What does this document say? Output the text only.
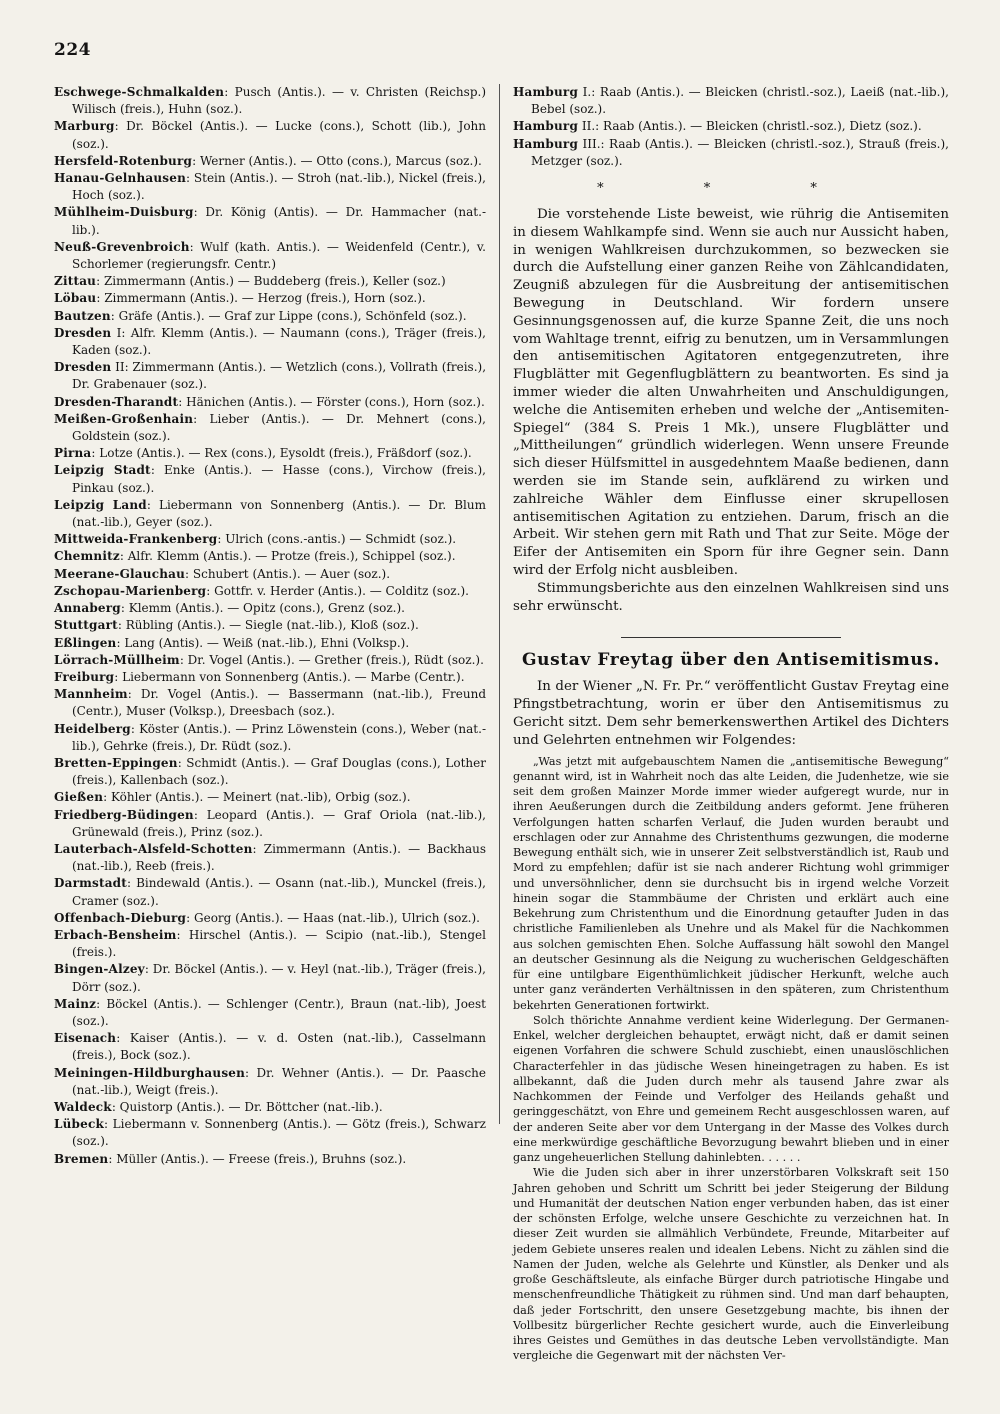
224

Eschwege-Schmalkalden: Pusch (Antis.). — v. Christen (Reichsp.) Wilisch (freis.), Huhn (soz.).

Marburg: Dr. Böckel (Antis.). — Lucke (cons.), Schott (lib.), John (soz.).

Hersfeld-Rotenburg: Werner (Antis.). — Otto (cons.), Marcus (soz.).

Hanau-Gelnhausen: Stein (Antis.). — Stroh (nat.-lib.), Nickel (freis.), Hoch (soz.).

Mühlheim-Duisburg: Dr. König (Antis). — Dr. Hammacher (nat.-lib.).

Neuß-Grevenbroich: Wulf (kath. Antis.). — Weidenfeld (Centr.), v. Schorlemer (regierungsfr. Centr.)

Zittau: Zimmermann (Antis.) — Buddeberg (freis.), Keller (soz.)

Löbau: Zimmermann (Antis.). — Herzog (freis.), Horn (soz.).

Bautzen: Gräfe (Antis.). — Graf zur Lippe (cons.), Schönfeld (soz.).

Dresden I: Alfr. Klemm (Antis.). — Naumann (cons.), Träger (freis.), Kaden (soz.).

Dresden II: Zimmermann (Antis.). — Wetzlich (cons.), Vollrath (freis.), Dr. Grabenauer (soz.).

Dresden-Tharandt: Hänichen (Antis.). — Förster (cons.), Horn (soz.).

Meißen-Großenhain: Lieber (Antis.). — Dr. Mehnert (cons.), Goldstein (soz.).

Pirna: Lotze (Antis.). — Rex (cons.), Eysoldt (freis.), Fräßdorf (soz.).

Leipzig Stadt: Enke (Antis.). — Hasse (cons.), Virchow (freis.), Pinkau (soz.).

Leipzig Land: Liebermann von Sonnenberg (Antis.). — Dr. Blum (nat.-lib.), Geyer (soz.).

Mittweida-Frankenberg: Ulrich (cons.-antis.) — Schmidt (soz.).

Chemnitz: Alfr. Klemm (Antis.). — Protze (freis.), Schippel (soz.).

Meerane-Glauchau: Schubert (Antis.). — Auer (soz.).

Zschopau-Marienberg: Gottfr. v. Herder (Antis.). — Colditz (soz.).

Annaberg: Klemm (Antis.). — Opitz (cons.), Grenz (soz.).

Stuttgart: Rübling (Antis.). — Siegle (nat.-lib.), Kloß (soz.).

Eßlingen: Lang (Antis). — Weiß (nat.-lib.), Ehni (Volksp.).

Lörrach-Müllheim: Dr. Vogel (Antis.). — Grether (freis.), Rüdt (soz.).

Freiburg: Liebermann von Sonnenberg (Antis.). — Marbe (Centr.).

Mannheim: Dr. Vogel (Antis.). — Bassermann (nat.-lib.), Freund (Centr.), Muser (Volksp.), Dreesbach (soz.).

Heidelberg: Köster (Antis.). — Prinz Löwenstein (cons.), Weber (nat.-lib.), Gehrke (freis.), Dr. Rüdt (soz.).

Bretten-Eppingen: Schmidt (Antis.). — Graf Douglas (cons.), Lother (freis.), Kallenbach (soz.).

Gießen: Köhler (Antis.). — Meinert (nat.-lib), Orbig (soz.).

Friedberg-Büdingen: Leopard (Antis.). — Graf Oriola (nat.-lib.), Grünewald (freis.), Prinz (soz.).

Lauterbach-Alsfeld-Schotten: Zimmermann (Antis.). — Backhaus (nat.-lib.), Reeb (freis.).

Darmstadt: Bindewald (Antis.). — Osann (nat.-lib.), Munckel (freis.), Cramer (soz.).

Offenbach-Dieburg: Georg (Antis.). — Haas (nat.-lib.), Ulrich (soz.).

Erbach-Bensheim: Hirschel (Antis.). — Scipio (nat.-lib.), Stengel (freis.).

Bingen-Alzey: Dr. Böckel (Antis.). — v. Heyl (nat.-lib.), Träger (freis.), Dörr (soz.).

Mainz: Böckel (Antis.). — Schlenger (Centr.), Braun (nat.-lib), Joest (soz.).

Eisenach: Kaiser (Antis.). — v. d. Osten (nat.-lib.), Casselmann (freis.), Bock (soz.).

Meiningen-Hildburghausen: Dr. Wehner (Antis.). — Dr. Paasche (nat.-lib.), Weigt (freis.).

Waldeck: Quistorp (Antis.). — Dr. Böttcher (nat.-lib.).

Lübeck: Liebermann v. Sonnenberg (Antis.). — Götz (freis.), Schwarz (soz.).

Bremen: Müller (Antis.). — Freese (freis.), Bruhns (soz.).

Hamburg I.: Raab (Antis.). — Bleicken (christl.-soz.), Laeiß (nat.-lib.), Bebel (soz.).

Hamburg II.: Raab (Antis.). — Bleicken (christl.-soz.), Dietz (soz.).

Hamburg III.: Raab (Antis.). — Bleicken (christl.-soz.), Strauß (freis.), Metzger (soz.).

* * *

Die vorstehende Liste beweist, wie rührig die Antisemiten in diesem Wahlkampfe sind. Wenn sie auch nur Aussicht haben, in wenigen Wahlkreisen durchzukommen, so bezwecken sie durch die Aufstellung einer ganzen Reihe von Zählcandidaten, Zeugniß abzulegen für die Ausbreitung der antisemitischen Bewegung in Deutschland. Wir fordern unsere Gesinnungsgenossen auf, die kurze Spanne Zeit, die uns noch vom Wahltage trennt, eifrig zu benutzen, um in Versammlungen den antisemitischen Agitatoren entgegenzutreten, ihre Flugblätter mit Gegenflugblättern zu beantworten. Es sind ja immer wieder die alten Unwahrheiten und Anschuldigungen, welche die Antisemiten erheben und welche der „Antisemiten-Spiegel“ (384 S. Preis 1 Mk.), unsere Flugblätter und „Mittheilungen“ gründlich widerlegen. Wenn unsere Freunde sich dieser Hülfsmittel in ausgedehntem Maaße bedienen, dann werden sie im Stande sein, aufklärend zu wirken und zahlreiche Wähler dem Einflusse einer skrupellosen antisemitischen Agitation zu entziehen. Darum, frisch an die Arbeit. Wir stehen gern mit Rath und That zur Seite. Möge der Eifer der Antisemiten ein Sporn für ihre Gegner sein. Dann wird der Erfolg nicht ausbleiben.

Stimmungsberichte aus den einzelnen Wahlkreisen sind uns sehr erwünscht.

Gustav Freytag über den Antisemitismus.

In der Wiener „N. Fr. Pr.“ veröffentlicht Gustav Freytag eine Pfingstbetrachtung, worin er über den Antisemitismus zu Gericht sitzt. Dem sehr bemerkenswerthen Artikel des Dichters und Gelehrten entnehmen wir Folgendes:

„Was jetzt mit aufgebauschtem Namen die „antisemitische Bewegung“ genannt wird, ist in Wahrheit noch das alte Leiden, die Judenhetze, wie sie seit dem großen Mainzer Morde immer wieder aufgeregt wurde, nur in ihren Aeußerungen durch die Zeitbildung anders geformt. Jene früheren Verfolgungen hatten scharfen Verlauf, die Juden wurden beraubt und erschlagen oder zur Annahme des Christenthums gezwungen, die moderne Bewegung enthält sich, wie in unserer Zeit selbstverständlich ist, Raub und Mord zu empfehlen; dafür ist sie nach anderer Richtung wohl grimmiger und unversöhnlicher, denn sie durchsucht bis in irgend welche Vorzeit hinein sogar die Stammbäume der Christen und erklärt auch eine Bekehrung zum Christenthum und die Einordnung getaufter Juden in das christliche Familienleben als Unehre und als Makel für die Nachkommen aus solchen gemischten Ehen. Solche Auffassung hält sowohl den Mangel an deutscher Gesinnung als die Neigung zu wucherischen Geldgeschäften für eine untilgbare Eigenthümlichkeit jüdischer Herkunft, welche auch unter ganz veränderten Verhältnissen in den späteren, zum Christenthum bekehrten Generationen fortwirkt.

Solch thörichte Annahme verdient keine Widerlegung. Der Germanen-Enkel, welcher dergleichen behauptet, erwägt nicht, daß er damit seinen eigenen Vorfahren die schwere Schuld zuschiebt, einen unauslöschlichen Characterfehler in das jüdische Wesen hineingetragen zu haben. Es ist allbekannt, daß die Juden durch mehr als tausend Jahre zwar als Nachkommen der Feinde und Verfolger des Heilands gehaßt und geringgeschätzt, von Ehre und gemeinem Recht ausgeschlossen waren, auf der anderen Seite aber vor dem Untergang in der Masse des Volkes durch eine merkwürdige geschäftliche Bevorzugung bewahrt blieben und in einer ganz ungeheuerlichen Stellung dahinlebten. . . . . .

Wie die Juden sich aber in ihrer unzerstörbaren Volkskraft seit 150 Jahren gehoben und Schritt um Schritt bei jeder Steigerung der Bildung und Humanität der deutschen Nation enger verbunden haben, das ist einer der schönsten Erfolge, welche unsere Geschichte zu verzeichnen hat. In dieser Zeit wurden sie allmählich Verbündete, Freunde, Mitarbeiter auf jedem Gebiete unseres realen und idealen Lebens. Nicht zu zählen sind die Namen der Juden, welche als Gelehrte und Künstler, als Denker und als große Geschäftsleute, als einfache Bürger durch patriotische Hingabe und menschenfreundliche Thätigkeit zu rühmen sind. Und man darf behaupten, daß jeder Fortschritt, den unsere Gesetzgebung machte, bis ihnen der Vollbesitz bürgerlicher Rechte gesichert wurde, auch die Einverleibung ihres Geistes und Gemüthes in das deutsche Leben vervollständigte. Man vergleiche die Gegenwart mit der nächsten Ver-
